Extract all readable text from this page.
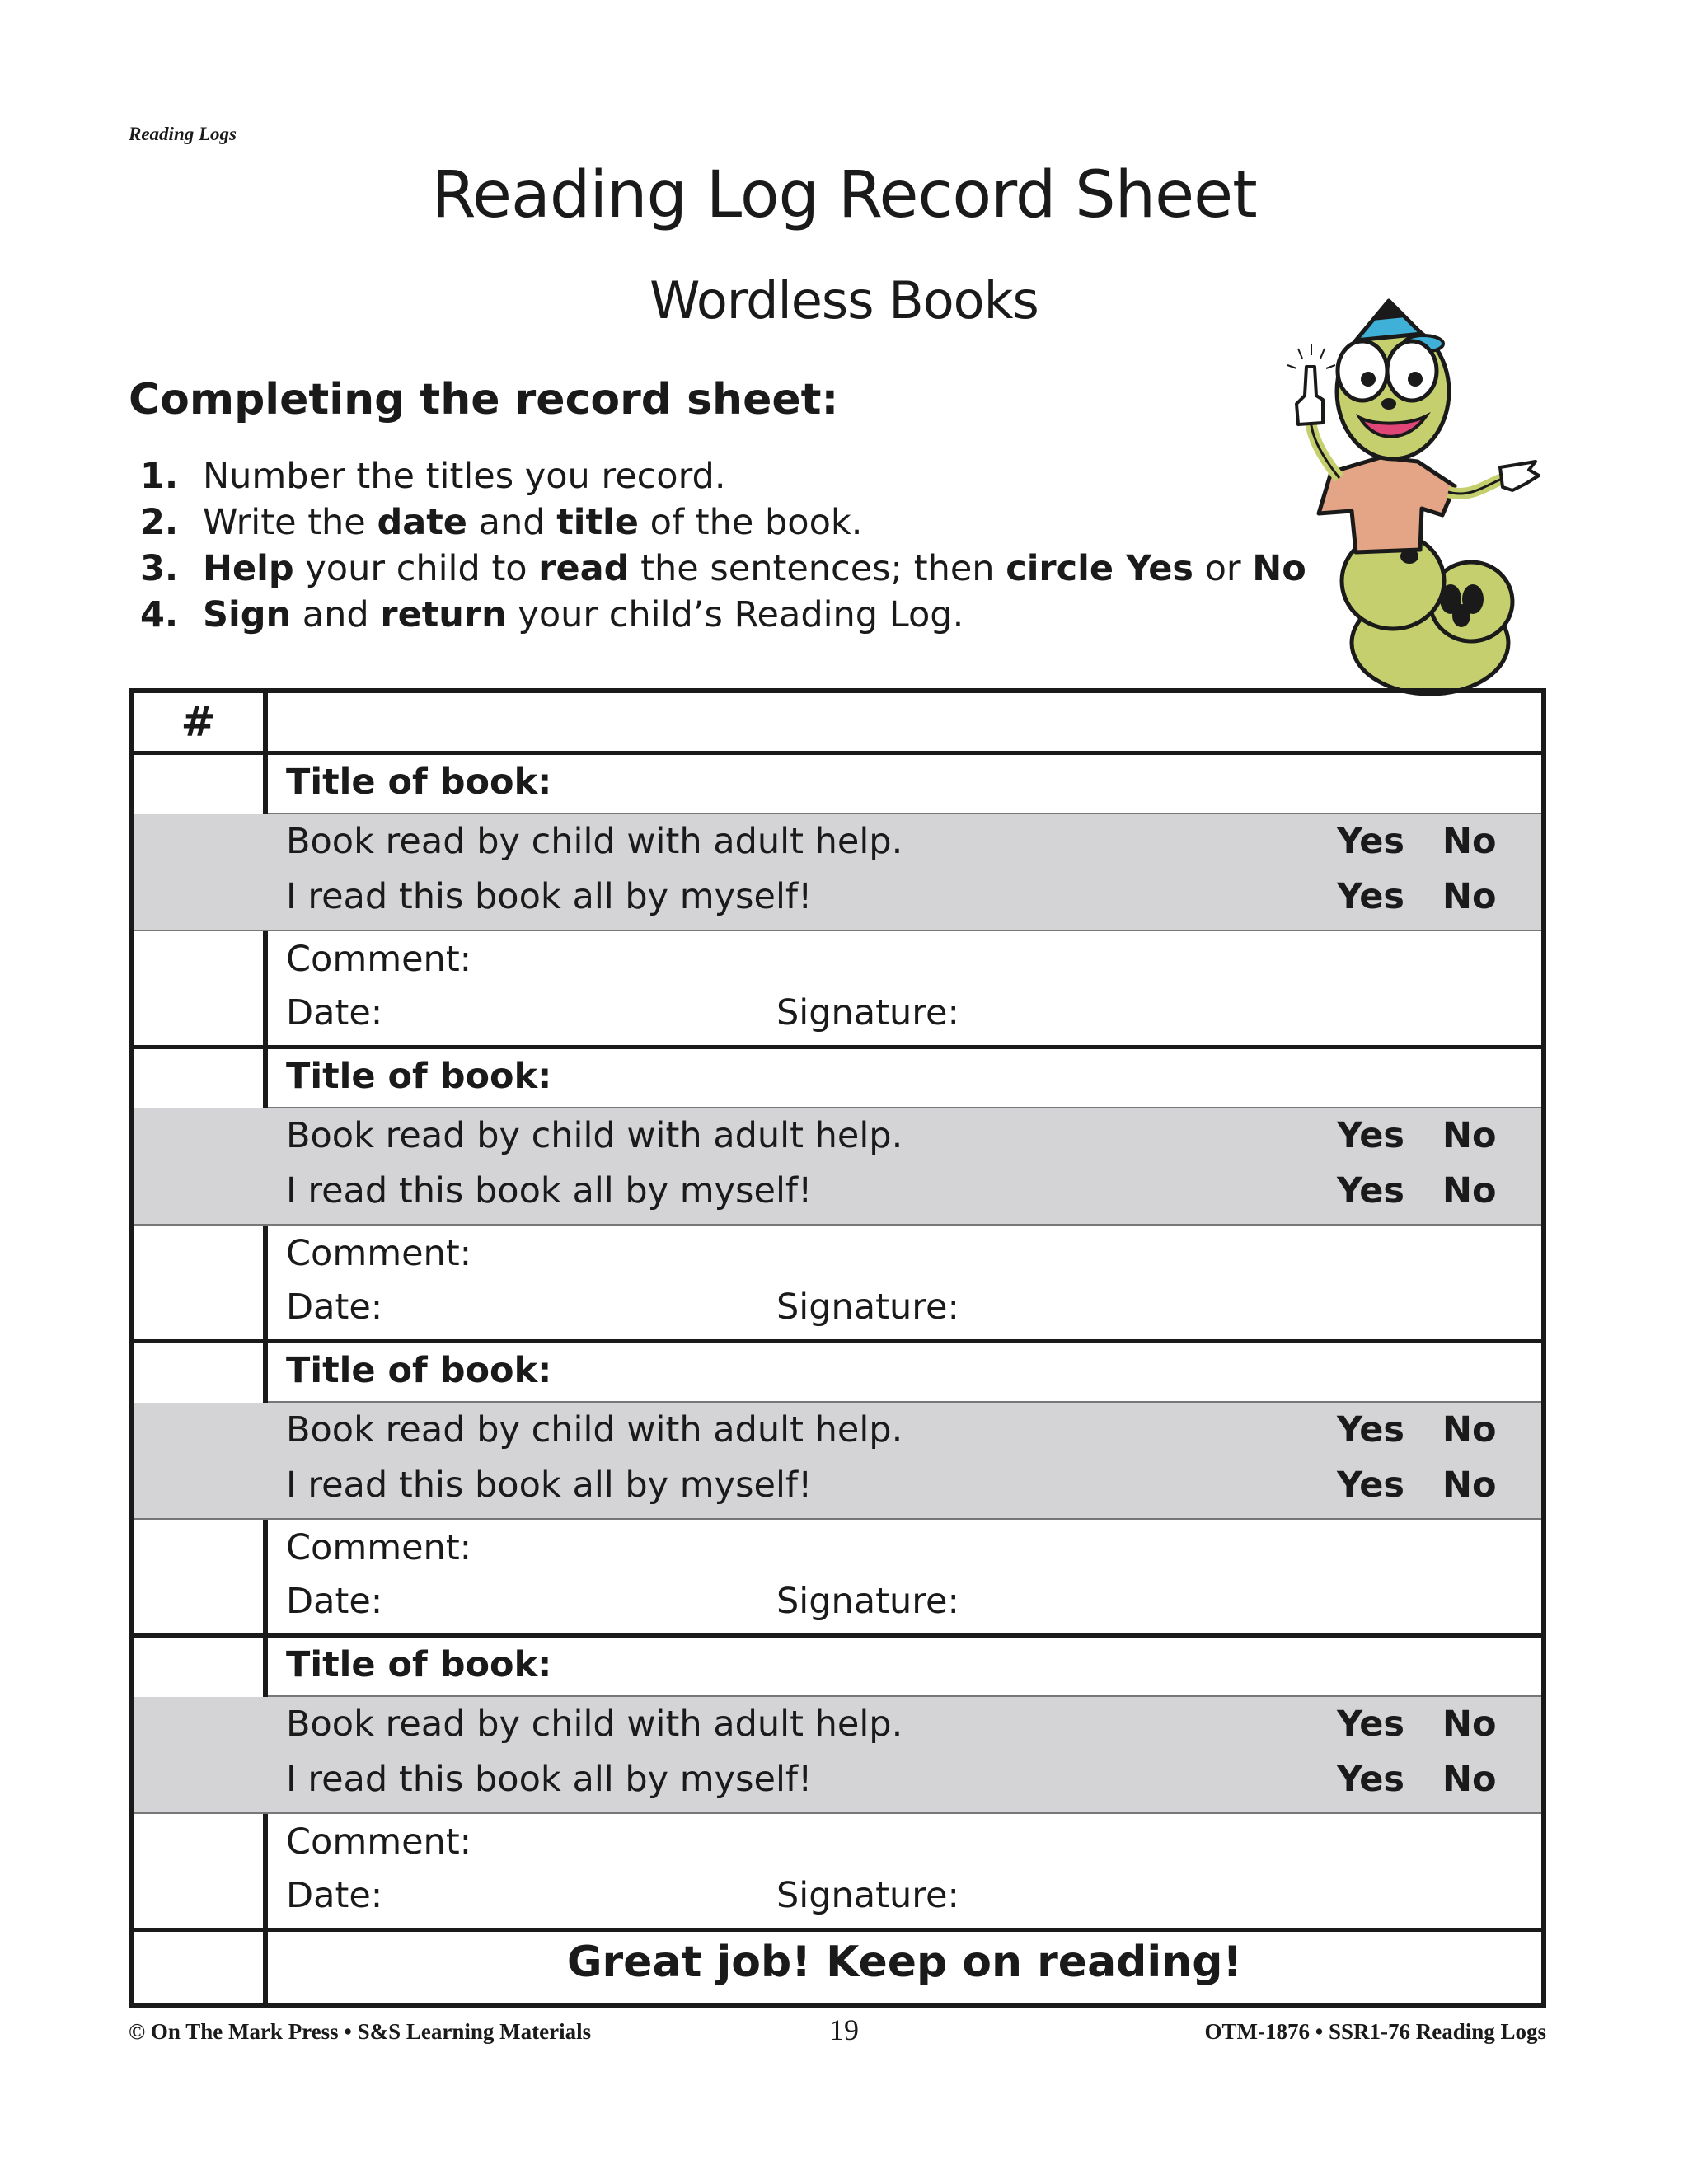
Reading Logs
Reading Log Record Sheet
Wordless Books
Completing the record sheet:
1. Number the titles you record.
2. Write the date and title of the book.
3. Help your child to read the sentences; then circle Yes or No
4. Sign and return your child’s Reading Log.
#
Title of book:
Book read by child with adult help.	Yes No
I read this book all by myself!	Yes No
Comment:
Date:	Signature:
Title of book:
Book read by child with adult help.	Yes No
I read this book all by myself!	Yes No
Comment:
Date:	Signature:
Title of book:
Book read by child with adult help.	Yes No
I read this book all by myself!	Yes No
Comment:
Date:	Signature:
Title of book:
Book read by child with adult help.	Yes No
I read this book all by myself!	Yes No
Comment:
Date:	Signature:
Great job! Keep on reading!
© On The Mark Press • S&S Learning Materials	19	OTM-1876 • SSR1-76 Reading Logs
